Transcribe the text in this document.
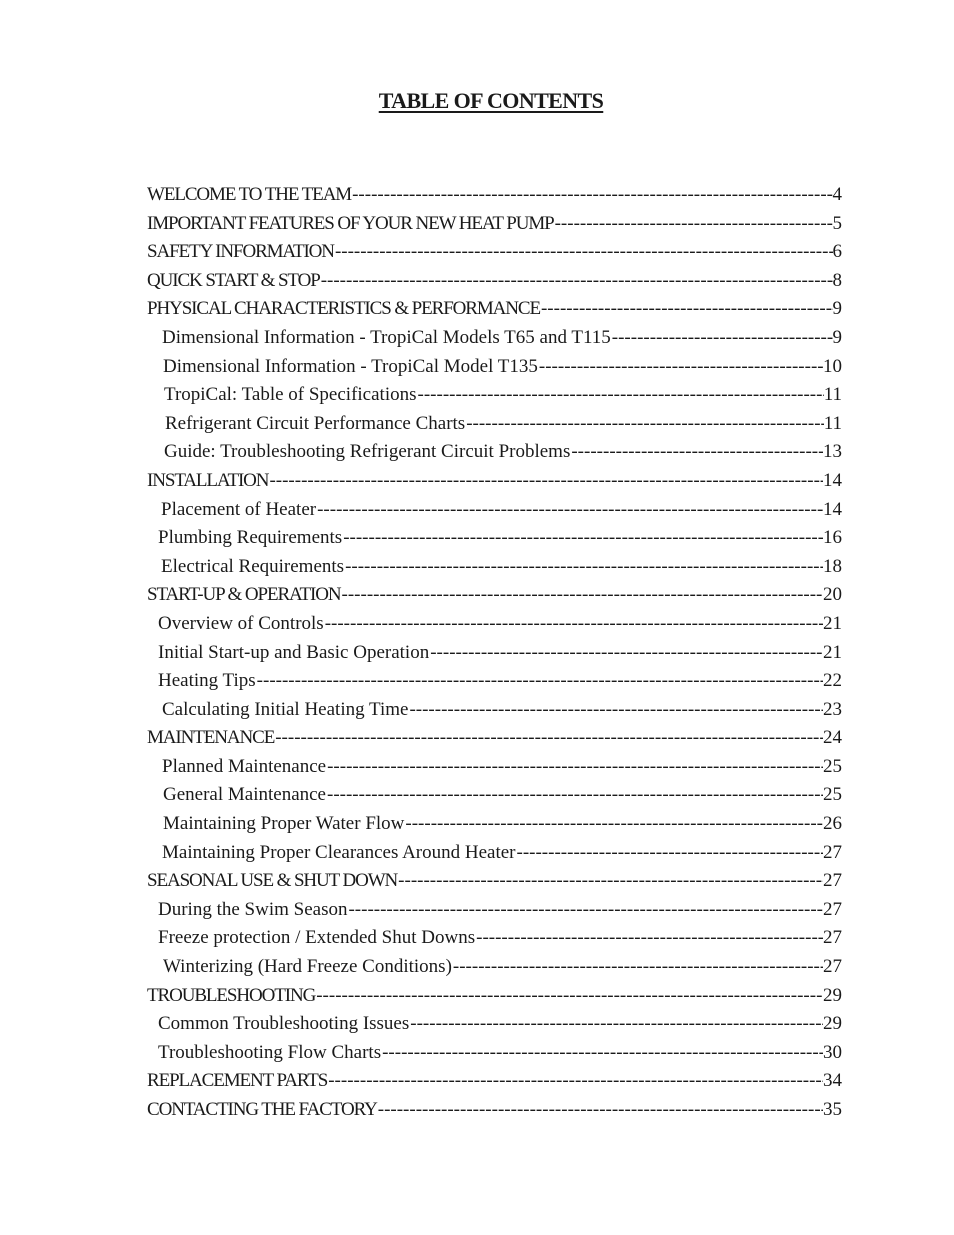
TABLE OF CONTENTS
WELCOME TO THE TEAM -----	4
IMPORTANT FEATURES OF YOUR NEW HEAT PUMP -----	5
SAFETY INFORMATION -----	6
QUICK START & STOP -----	8
PHYSICAL CHARACTERISTICS & PERFORMANCE -----	9
Dimensional Information - TropiCal Models T65 and T115 -----	9
Dimensional Information - TropiCal Model T135 -----	10
TropiCal: Table of Specifications -----	11
Refrigerant Circuit Performance Charts -----	11
Guide: Troubleshooting Refrigerant Circuit Problems -----	13
INSTALLATION -----	14
Placement of Heater -----	14
Plumbing Requirements -----	16
Electrical Requirements -----	18
START-UP & OPERATION -----	20
Overview of Controls -----	21
Initial Start-up and Basic Operation -----	21
Heating Tips -----	22
Calculating Initial Heating Time -----	23
MAINTENANCE -----	24
Planned Maintenance -----	25
General Maintenance -----	25
Maintaining Proper Water Flow -----	26
Maintaining Proper Clearances Around Heater -----	27
SEASONAL USE & SHUT DOWN -----	27
During the Swim Season -----	27
Freeze protection / Extended Shut Downs -----	27
Winterizing (Hard Freeze Conditions) -----	27
TROUBLESHOOTING -----	29
Common Troubleshooting Issues -----	29
Troubleshooting Flow Charts -----	30
REPLACEMENT PARTS -----	34
CONTACTING THE FACTORY -----	35
